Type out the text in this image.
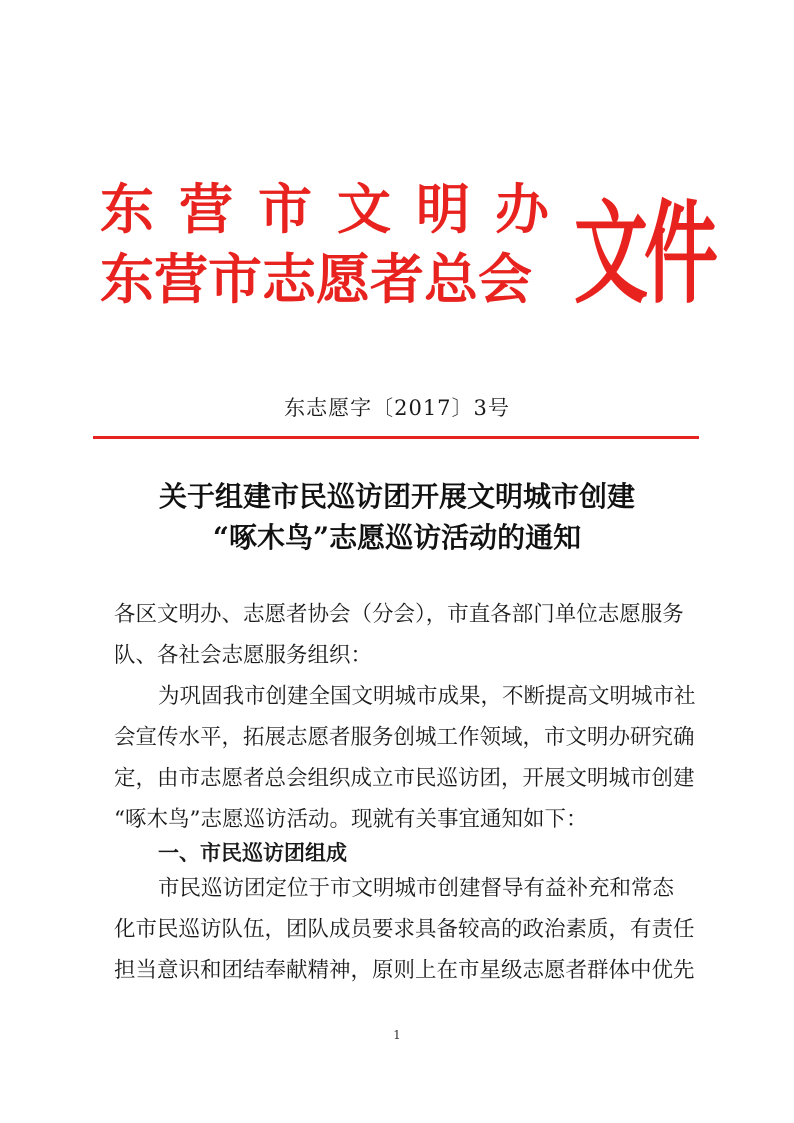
东营市文明办
东营市志愿者总会 文件
东志愿字〔2017〕3号
关于组建市民巡访团开展文明城市创建
“啄木鸟”志愿巡访活动的通知
各区文明办、志愿者协会（分会），市直各部门单位志愿服务
队、各社会志愿服务组织：
为巩固我市创建全国文明城市成果，不断提高文明城市社
会宣传水平，拓展志愿者服务创城工作领域，市文明办研究确
定，由市志愿者总会组织成立市民巡访团，开展文明城市创建
“啄木鸟”志愿巡访活动。现就有关事宜通知如下：
一、市民巡访团组成
市民巡访团定位于市文明城市创建督导有益补充和常态
化市民巡访队伍，团队成员要求具备较高的政治素质，有责任
担当意识和团结奉献精神，原则上在市星级志愿者群体中优先
1
